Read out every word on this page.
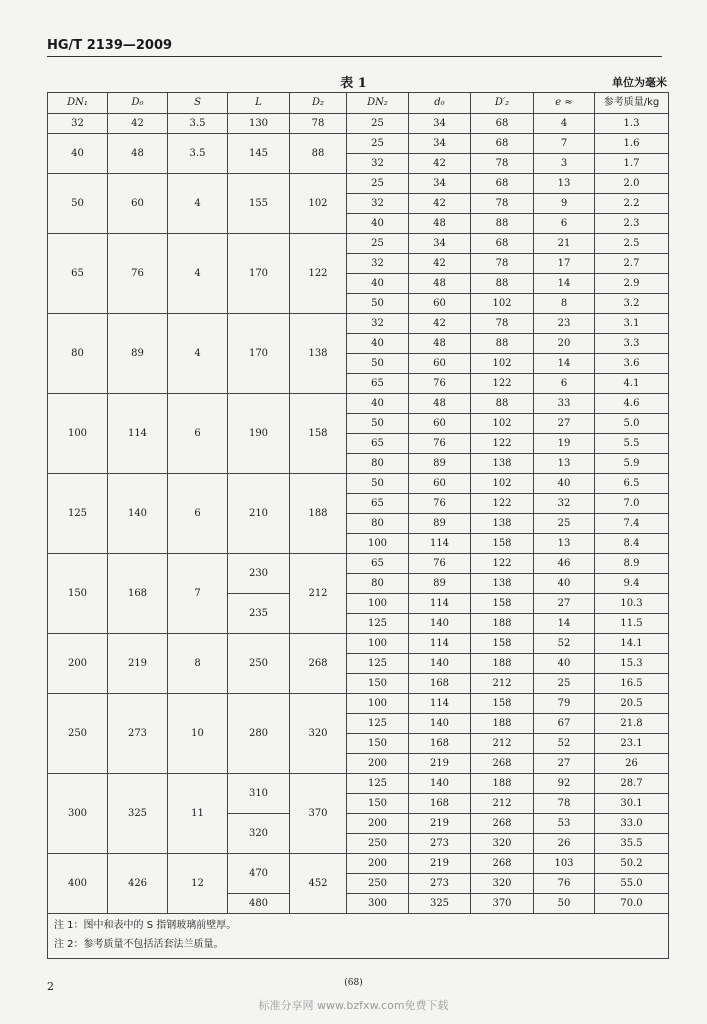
HG/T 2139—2009
表 1	单位为毫米
DN₁	D₀	S	L	D₂	DN₂	d₀	D′₂	e ≈	参考质量/kg
32	42	3.5	130	78	25	34	68	4	1.3
40	48	3.5	145	88	25	34	68	7	1.6
					32	42	78	3	1.7
50	60	4	155	102	25	34	68	13	2.0
					32	42	78	9	2.2
					40	48	88	6	2.3
65	76	4	170	122	25	34	68	21	2.5
					32	42	78	17	2.7
					40	48	88	14	2.9
					50	60	102	8	3.2
80	89	4	170	138	32	42	78	23	3.1
					40	48	88	20	3.3
					50	60	102	14	3.6
					65	76	122	6	4.1
100	114	6	190	158	40	48	88	33	4.6
					50	60	102	27	5.0
					65	76	122	19	5.5
					80	89	138	13	5.9
125	140	6	210	188	50	60	102	40	6.5
					65	76	122	32	7.0
					80	89	138	25	7.4
					100	114	158	13	8.4
150	168	7	230	212	65	76	122	46	8.9
					80	89	138	40	9.4
			235		100	114	158	27	10.3
					125	140	188	14	11.5
200	219	8	250	268	100	114	158	52	14.1
					125	140	188	40	15.3
					150	168	212	25	16.5
250	273	10	280	320	100	114	158	79	20.5
					125	140	188	67	21.8
					150	168	212	52	23.1
					200	219	268	27	26
300	325	11	310	370	125	140	188	92	28.7
					150	168	212	78	30.1
			320		200	219	268	53	33.0
					250	273	320	26	35.5
400	426	12	470	452	200	219	268	103	50.2
					250	273	320	76	55.0
			480		300	325	370	50	70.0

注 1：图中和表中的 S 指钢玻璃前壁厚。
注 2：参考质量不包括活套法兰质量。									
2	(68)
标准分享网 www.bzfxw.com免费下载
